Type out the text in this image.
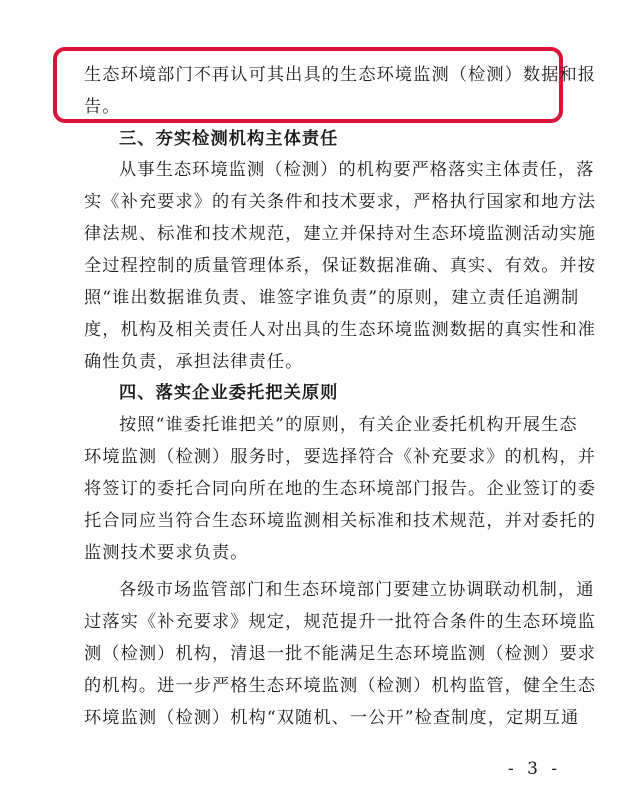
生态环境部门不再认可其出具的生态环境监测（检测）数据和报
告。
三、夯实检测机构主体责任
从事生态环境监测（检测）的机构要严格落实主体责任，落
实《补充要求》的有关条件和技术要求，严格执行国家和地方法
律法规、标准和技术规范，建立并保持对生态环境监测活动实施
全过程控制的质量管理体系，保证数据准确、真实、有效。并按
照“谁出数据谁负责、谁签字谁负责”的原则，建立责任追溯制
度，机构及相关责任人对出具的生态环境监测数据的真实性和准
确性负责，承担法律责任。
四、落实企业委托把关原则
按照“谁委托谁把关”的原则，有关企业委托机构开展生态
环境监测（检测）服务时，要选择符合《补充要求》的机构，并
将签订的委托合同向所在地的生态环境部门报告。企业签订的委
托合同应当符合生态环境监测相关标准和技术规范，并对委托的
监测技术要求负责。
各级市场监管部门和生态环境部门要建立协调联动机制，通
过落实《补充要求》规定，规范提升一批符合条件的生态环境监
测（检测）机构，清退一批不能满足生态环境监测（检测）要求
的机构。进一步严格生态环境监测（检测）机构监管，健全生态
环境监测（检测）机构“双随机、一公开”检查制度，定期互通
- 3 -
